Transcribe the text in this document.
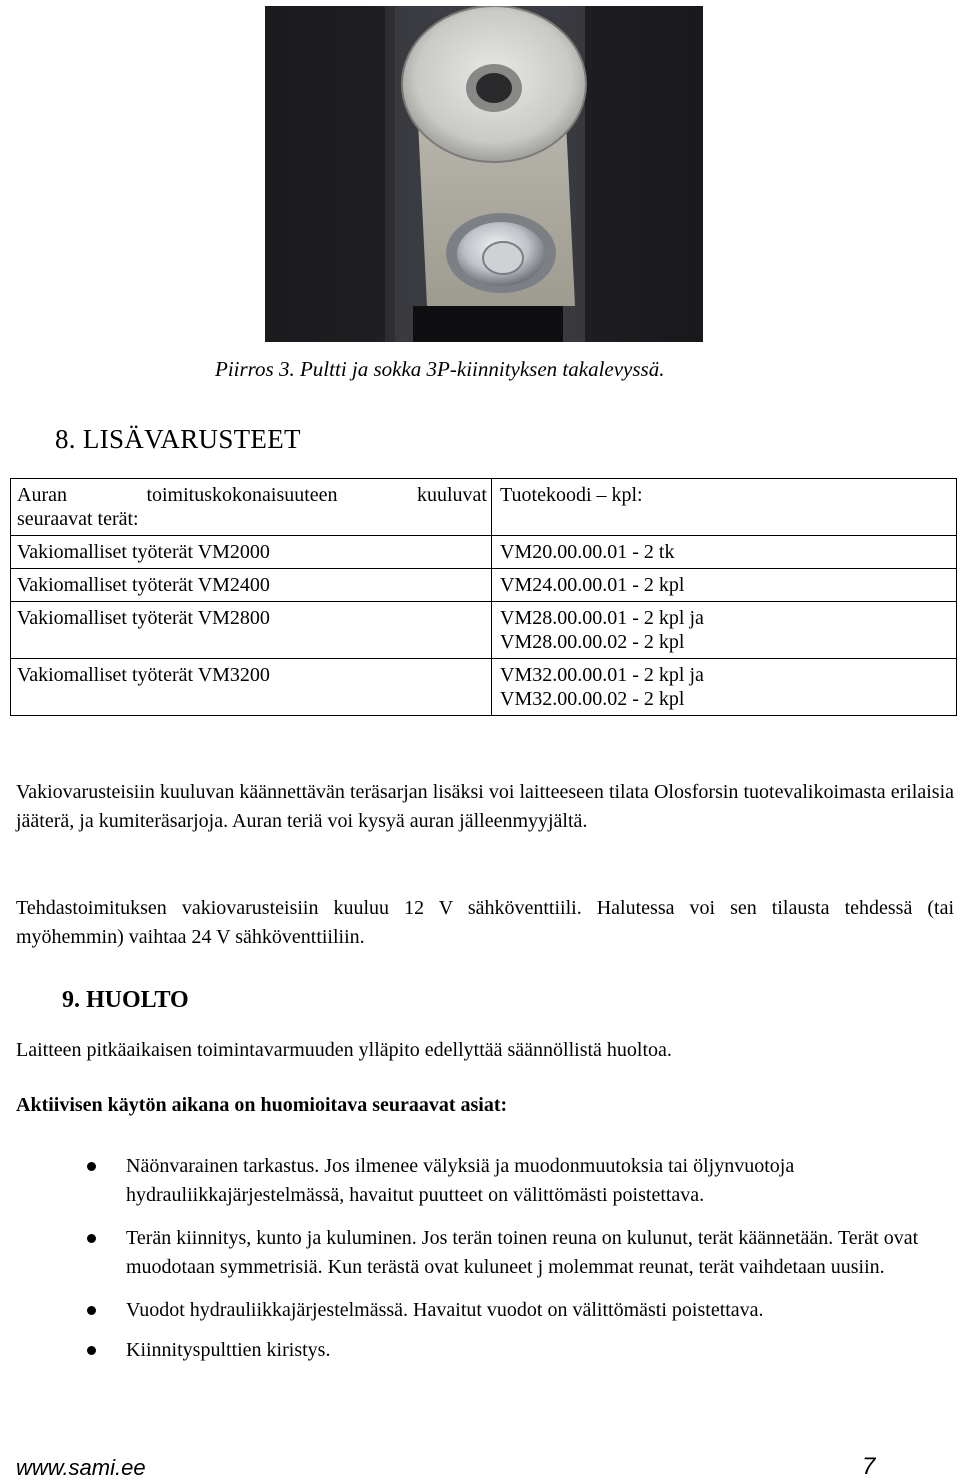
Piirros 3. Pultti ja sokka 3P-kiinnityksen takalevyssä.
8. LISÄVARUSTEET
Auran toimituskokonaisuuteen kuuluvat
seuraavat terät:	Tuotekoodi – kpl:
Vakiomalliset työterät VM2000	VM20.00.00.01 - 2 tk

Vakiomalliset työterät VM2400	VM24.00.00.01 - 2 kpl

Vakiomalliset työterät VM2800	VM28.00.00.01 - 2 kpl ja
VM28.00.00.02 - 2 kpl

Vakiomalliset työterät VM3200	VM32.00.00.01 - 2 kpl ja
VM32.00.00.02 - 2 kpl

Vakiovarusteisiin kuuluvan käännettävän teräsarjan lisäksi voi laitteeseen tilata Olosforsin tuotevalikoimasta erilaisia jääterä, ja kumiteräsarjoja. Auran teriä voi kysyä auran jälleenmyyjältä.

Tehdastoimituksen vakiovarusteisiin kuuluu 12 V sähköventtiili. Halutessa voi sen tilausta tehdessä (tai myöhemmin) vaihtaa 24 V sähköventtiiliin.

9. HUOLTO

Laitteen pitkäaikaisen toimintavarmuuden ylläpito edellyttää säännöllistä huoltoa.

Aktiivisen käytön aikana on huomioitava seuraavat asiat:
Näönvarainen tarkastus. Jos ilmenee välyksiä ja muodonmuutoksia tai öljynvuotoja hydrauliikkajärjestelmässä, havaitut puutteet on välittömästi poistettava.
Terän kiinnitys, kunto ja kuluminen. Jos terän toinen reuna on kulunut, terät käännetään. Terät ovat muodotaan symmetrisiä. Kun terästä ovat kuluneet j molemmat reunat, terät vaihdetaan uusiin.
Vuodot hydrauliikkajärjestelmässä. Havaitut vuodot on välittömästi poistettava.
Kiinnityspulttien kiristys.
www.sami.ee	7
